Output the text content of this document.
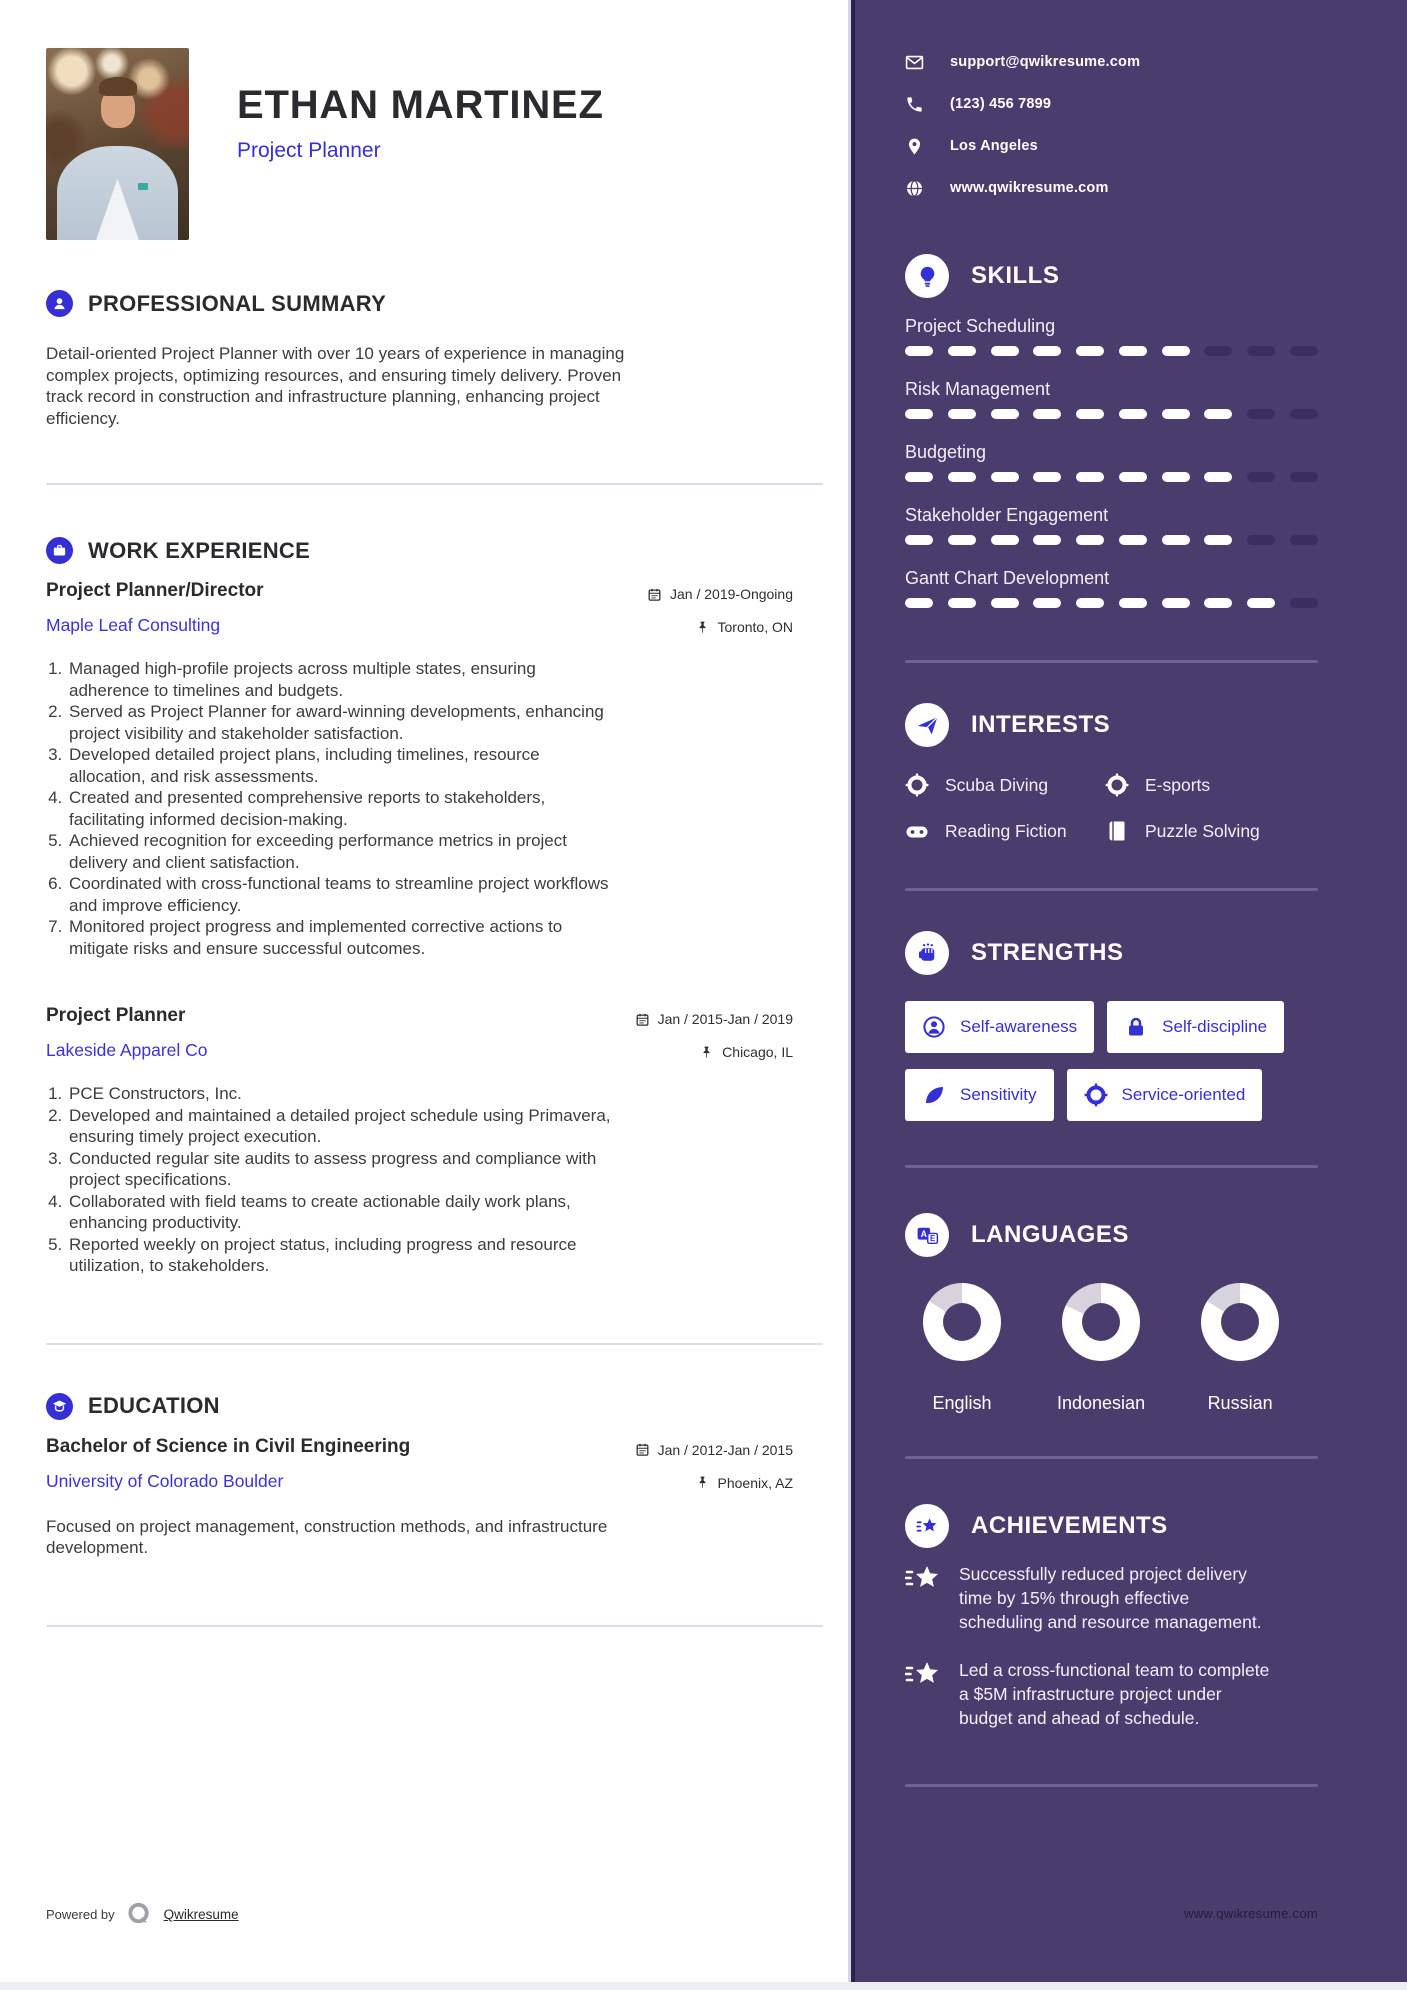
ETHAN MARTINEZ
Project Planner
PROFESSIONAL SUMMARY

Detail-oriented Project Planner with over 10 years of experience in managing complex projects, optimizing resources, and ensuring timely delivery. Proven track record in construction and infrastructure planning, enhancing project efficiency.

WORK EXPERIENCE
Project Planner/Director
Maple Leaf Consulting
Jan / 2019-Ongoing
Toronto, ON
1. Managed high-profile projects across multiple states, ensuring adherence to timelines and budgets.
2. Served as Project Planner for award-winning developments, enhancing project visibility and stakeholder satisfaction.
3. Developed detailed project plans, including timelines, resource allocation, and risk assessments.
4. Created and presented comprehensive reports to stakeholders, facilitating informed decision-making.
5. Achieved recognition for exceeding performance metrics in project delivery and client satisfaction.
6. Coordinated with cross-functional teams to streamline project workflows and improve efficiency.
7. Monitored project progress and implemented corrective actions to mitigate risks and ensure successful outcomes.
Project Planner
Lakeside Apparel Co
Jan / 2015-Jan / 2019
Chicago, IL
1. PCE Constructors, Inc.
2. Developed and maintained a detailed project schedule using Primavera, ensuring timely project execution.
3. Conducted regular site audits to assess progress and compliance with project specifications.
4. Collaborated with field teams to create actionable daily work plans, enhancing productivity.
5. Reported weekly on project status, including progress and resource utilization, to stakeholders.
EDUCATION
Bachelor of Science in Civil Engineering
University of Colorado Boulder
Jan / 2012-Jan / 2015
Phoenix, AZ

Focused on project management, construction methods, and infrastructure development.

Powered by	Qwikresume
support@qwikresume.com
(123) 456 7899
Los Angeles
www.qwikresume.com
SKILLS
Project Scheduling
Risk Management
Budgeting
Stakeholder Engagement
Gantt Chart Development
INTERESTS
Scuba Diving	E-sports
Reading Fiction	Puzzle Solving
STRENGTHS
Self-awareness	Self-discipline
Sensitivity	Service-oriented
A E LANGUAGES
English	Indonesian	Russian
ACHIEVEMENTS

Successfully reduced project delivery time by 15% through effective scheduling and resource management.

Led a cross-functional team to complete a $5M infrastructure project under budget and ahead of schedule.

www.qwikresume.com
